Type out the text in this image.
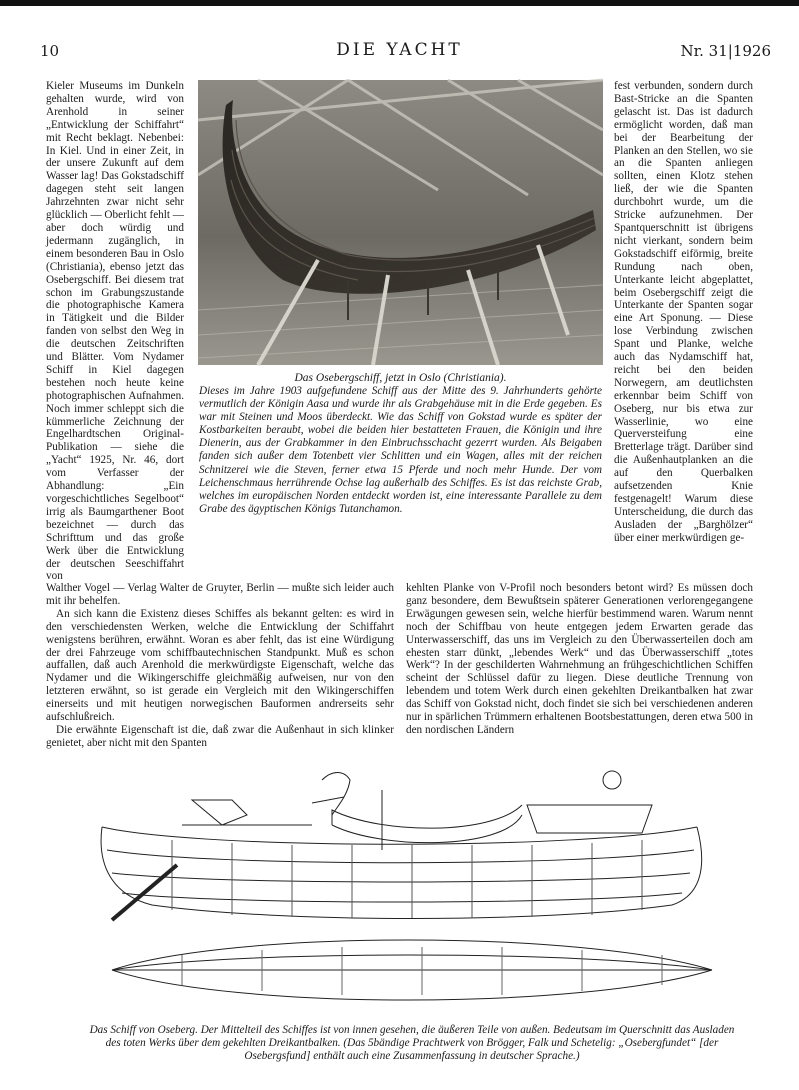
10	DIE YACHT	Nr. 31|1926

Kieler Museums im Dunkeln gehalten wurde, wird von Arenhold in seiner „Entwicklung der Schiffahrt“ mit Recht beklagt. Nebenbei: In Kiel. Und in einer Zeit, in der unsere Zukunft auf dem Wasser lag! Das Gokstadschiff dagegen steht seit langen Jahrzehnten zwar nicht sehr glücklich — Oberlicht fehlt — aber doch würdig und jedermann zugänglich, in einem besonderen Bau in Oslo (Christiania), ebenso jetzt das Osebergschiff. Bei diesem trat schon im Grabungszustande die photographische Kamera in Tätigkeit und die Bilder fanden von selbst den Weg in die deutschen Zeitschriften und Blätter. Vom Nydamer Schiff in Kiel dagegen bestehen noch heute keine photographischen Aufnahmen. Noch immer schleppt sich die kümmerliche Zeichnung der Engelhardtschen Original-Publikation — siehe die „Yacht“ 1925, Nr. 46, dort vom Verfasser der Abhandlung: „Ein vorgeschichtliches Segelboot“ irrig als Baumgarthener Boot bezeichnet — durch das Schrifttum und das große Werk über die Entwicklung der deutschen Seeschiffahrt von

Das Osebergschiff, jetzt in Oslo (Christiania).
Dieses im Jahre 1903 aufgefundene Schiff aus der Mitte des 9. Jahrhunderts gehörte vermutlich der Königin Aasa und wurde ihr als Grabgehäuse mit in die Erde gegeben. Es war mit Steinen und Moos überdeckt. Wie das Schiff von Gokstad wurde es später der Kostbarkeiten beraubt, wobei die beiden hier bestatteten Frauen, die Königin und ihre Dienerin, aus der Grabkammer in den Einbruchsschacht gezerrt wurden. Als Beigaben fanden sich außer dem Totenbett vier Schlitten und ein Wagen, alles mit der reichen Schnitzerei wie die Steven, ferner etwa 15 Pferde und noch mehr Hunde. Der vom Leichenschmaus herrührende Ochse lag außerhalb des Schiffes. Es ist das reichste Grab, welches im europäischen Norden entdeckt worden ist, eine interessante Parallele zu dem Grabe des ägyptischen Königs Tutanchamon.

fest verbunden, sondern durch Bast-Stricke an die Spanten gelascht ist. Das ist dadurch ermöglicht worden, daß man bei der Bearbeitung der Planken an den Stellen, wo sie an die Spanten anliegen sollten, einen Klotz stehen ließ, der wie die Spanten durchbohrt wurde, um die Stricke aufzunehmen. Der Spantquerschnitt ist übrigens nicht vierkant, sondern beim Gokstadschiff eiförmig, breite Rundung nach oben, Unterkante leicht abgeplattet, beim Osebergschiff zeigt die Unterkante der Spanten sogar eine Art Sponung. — Diese lose Verbindung zwischen Spant und Planke, welche auch das Nydamschiff hat, reicht bei den beiden Norwegern, am deutlichsten erkennbar beim Schiff von Oseberg, nur bis etwa zur Wasserlinie, wo eine Querversteifung eine Bretterlage trägt. Darüber sind die Außenhautplanken an die auf den Querbalken aufsetzenden Knie festgenagelt! Warum diese Unterscheidung, die durch das Ausladen der „Barghölzer“ über einer merkwürdigen ge-

Walther Vogel — Verlag Walter de Gruyter, Berlin — mußte sich leider auch mit ihr behelfen.

An sich kann die Existenz dieses Schiffes als bekannt gelten: es wird in den verschiedensten Werken, welche die Entwicklung der Schiffahrt wenigstens berühren, erwähnt. Woran es aber fehlt, das ist eine Würdigung der drei Fahrzeuge vom schiffbautechnischen Standpunkt. Muß es schon auffallen, daß auch Arenhold die merkwürdigste Eigenschaft, welche das Nydamer und die Wikingerschiffe gleichmäßig aufweisen, nur von den letzteren erwähnt, so ist gerade ein Vergleich mit den Wikingerschiffen einerseits und mit heutigen norwegischen Bauformen andrerseits sehr aufschlußreich.

Die erwähnte Eigenschaft ist die, daß zwar die Außenhaut in sich klinker genietet, aber nicht mit den Spanten

kehlten Planke von V-Profil noch besonders betont wird? Es müssen doch ganz besondere, dem Bewußtsein späterer Generationen verlorengegangene Erwägungen gewesen sein, welche hierfür bestimmend waren. Warum nennt noch der Schiffbau von heute entgegen jedem Erwarten gerade das Unterwasserschiff, das uns im Vergleich zu den Überwasserteilen doch am ehesten starr dünkt, „lebendes Werk“ und das Überwasserschiff „totes Werk“? In der geschilderten Wahrnehmung an frühgeschichtlichen Schiffen scheint der Schlüssel dafür zu liegen. Diese deutliche Trennung von lebendem und totem Werk durch einen gekehlten Dreikantbalken hat zwar das Schiff von Gokstad nicht, doch findet sie sich bei verschiedenen anderen nur in spärlichen Trümmern erhaltenen Bootsbestattungen, deren etwa 500 in den nordischen Ländern

Das Schiff von Oseberg. Der Mittelteil des Schiffes ist von innen gesehen, die äußeren Teile von außen. Bedeutsam im Querschnitt das Ausladen des toten Werks über dem gekehlten Dreikantbalken. (Das 5bändige Prachtwerk von Brögger, Falk und Schetelig: „Osebergfundet“ [der Osebergsfund] enthält auch eine Zusammenfassung in deutscher Sprache.)
